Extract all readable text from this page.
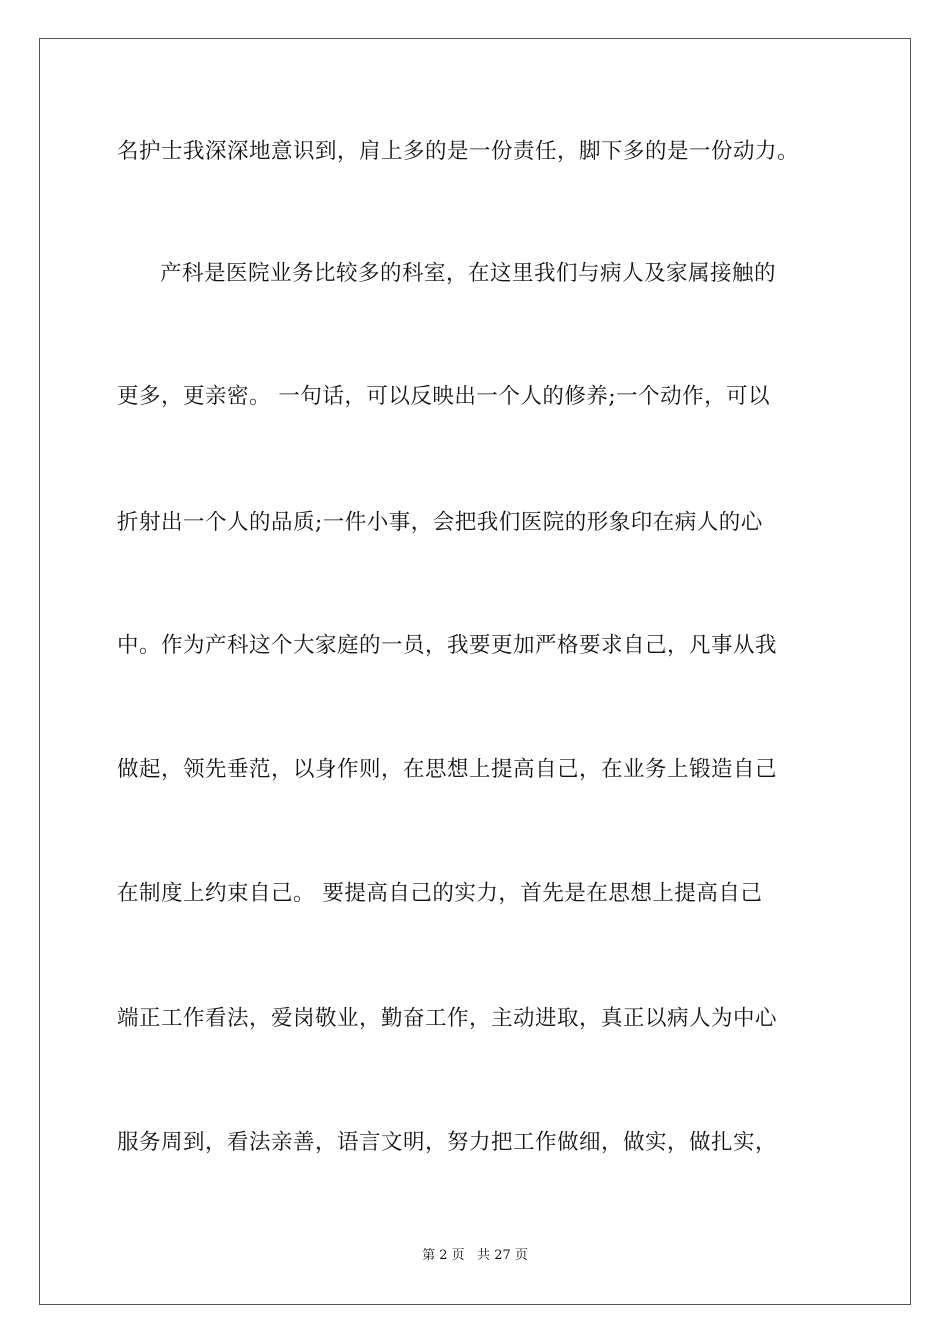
名护士我深深地意识到，肩上多的是一份责任，脚下多的是一份动力。
产科是医院业务比较多的科室，在这里我们与病人及家属接触的
更多，更亲密。 一句话，可以反映出一个人的修养;一个动作，可以
折射出一个人的品质;一件小事，会把我们医院的形象印在病人的心
中。作为产科这个大家庭的一员，我要更加严格要求自己，凡事从我
做起，领先垂范，以身作则，在思想上提高自己，在业务上锻造自己
在制度上约束自己。 要提高自己的实力，首先是在思想上提高自己
端正工作看法，爱岗敬业，勤奋工作，主动进取，真正以病人为中心
服务周到，看法亲善，语言文明，努力把工作做细，做实，做扎实，
第 2 页   共 27 页
